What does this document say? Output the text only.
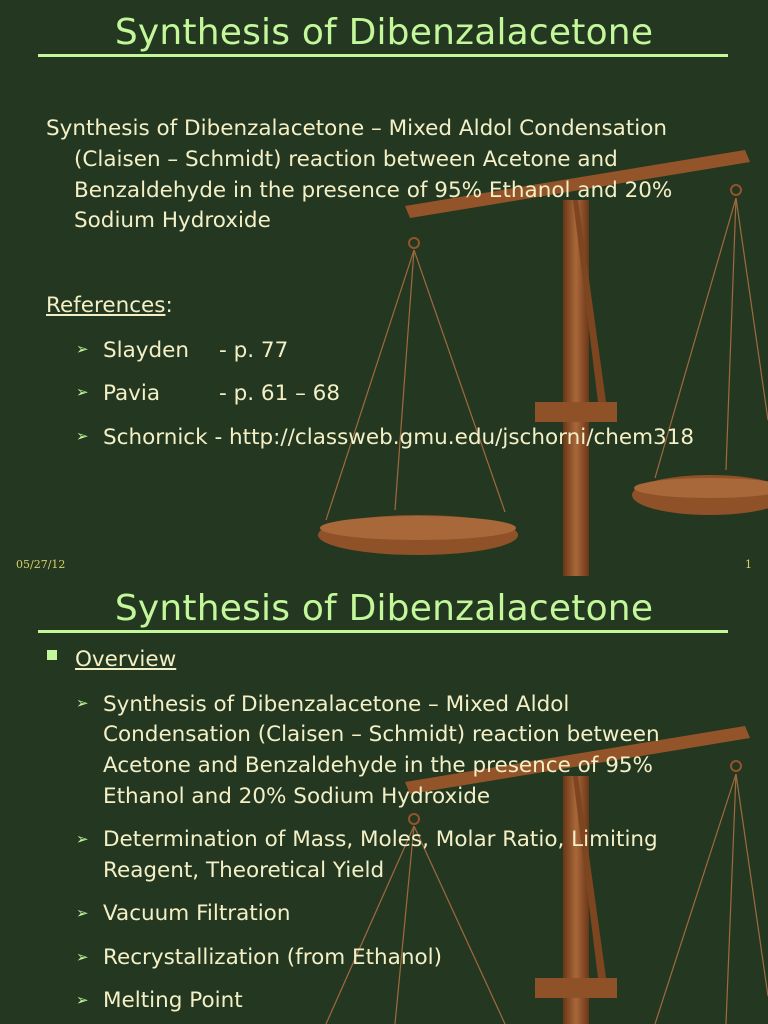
Synthesis of Dibenzalacetone
Synthesis of Dibenzalacetone – Mixed Aldol Condensation
(Claisen – Schmidt) reaction between Acetone and
Benzaldehyde in the presence of 95% Ethanol and 20%
Sodium Hydroxide
References:
➢ Slayden - p. 77
➢ Pavia	- p. 61 – 68
➢ Schornick - http://classweb.gmu.edu/jschorni/chem318
05/27/12	1
Synthesis of Dibenzalacetone
Overview
➢ Synthesis of Dibenzalacetone – Mixed Aldol
Condensation (Claisen – Schmidt) reaction between
Acetone and Benzaldehyde in the presence of 95%
Ethanol and 20% Sodium Hydroxide
➢ Determination of Mass, Moles, Molar Ratio, Limiting
Reagent, Theoretical Yield
➢ Vacuum Filtration
➢ Recrystallization (from Ethanol)
➢ Melting Point
